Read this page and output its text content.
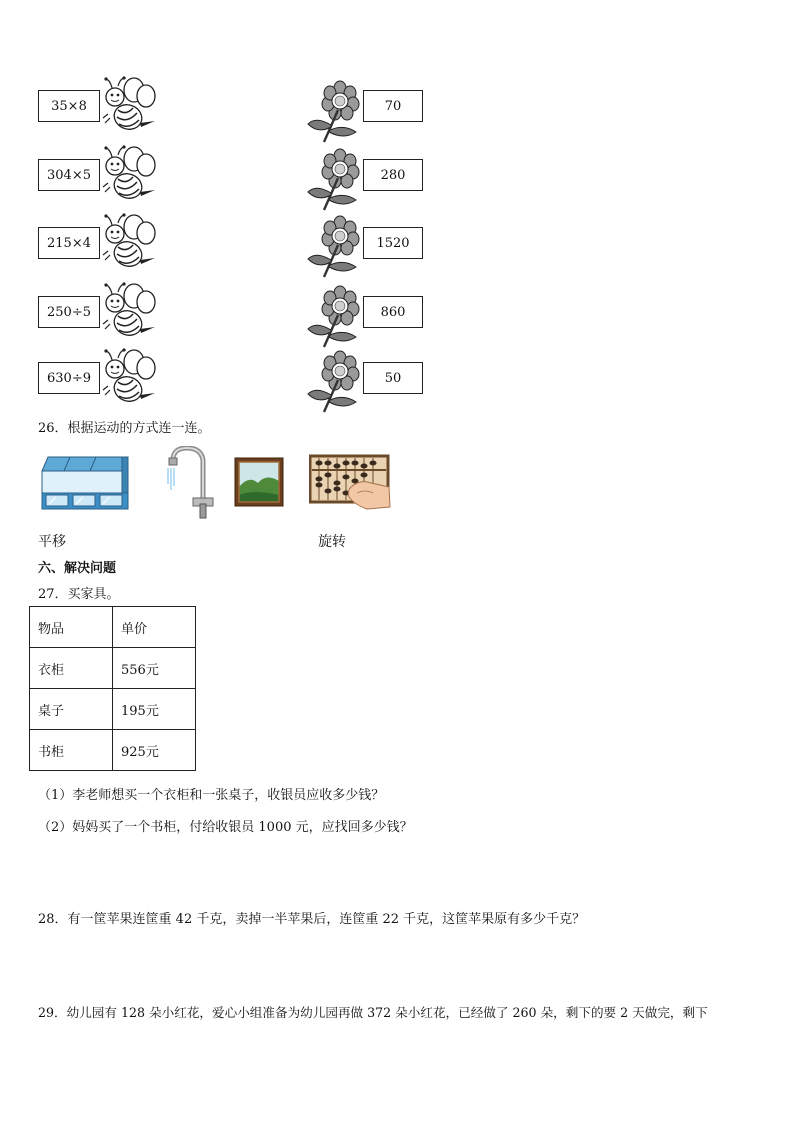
35×8	70
304×5	280
215×4	1520
250÷5	860
630÷9	50
26．根据运动的方式连一连。
平移	旋转
六、解决问题
27．买家具。
物品	单价
衣柜	556元
桌子	195元
书柜	925元
（1）李老师想买一个衣柜和一张桌子，收银员应收多少钱？
（2）妈妈买了一个书柜，付给收银员 1000 元，应找回多少钱？
28．有一筐苹果连筐重 42 千克，卖掉一半苹果后，连筐重 22 千克，这筐苹果原有多少千克？
29．幼儿园有 128 朵小红花，爱心小组准备为幼儿园再做 372 朵小红花，已经做了 260 朵，剩下的要 2 天做完，剩下
